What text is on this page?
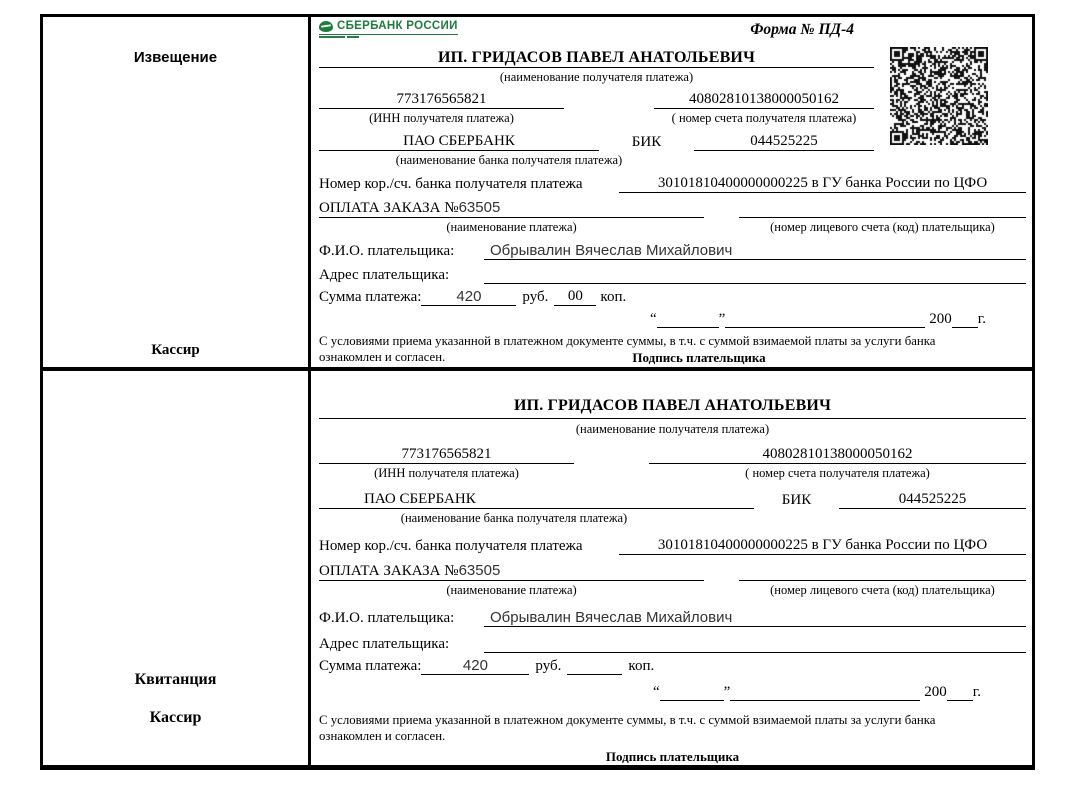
Извещение
Кассир
СБЕРБАНК РОССИИ	Форма № ПД-4
ИП. ГРИДАСОВ ПАВЕЛ АНАТОЛЬЕВИЧ
(наименование получателя платежа)
773176565821	40802810138000050162
(ИНН получателя платежа)	( номер счета получателя платежа)
ПАО СБЕРБАНК	БИК	044525225
(наименование банка получателя платежа)
Номер кор./сч. банка получателя платежа	30101810400000000225 в ГУ банка России по ЦФО
ОПЛАТА ЗАКАЗА №63505
(наименование платежа)	(номер лицевого счета (код) плательщика)
Ф.И.О. плательщика:	Обрывалин Вячеслав Михайлович
Адрес плательщика:
Сумма платежа:	420	руб.	00	коп.
“	”	200 г.
С условиями приема указанной в платежном документе суммы, в т.ч. с суммой взимаемой платы за услуги банка
ознакомлен и согласен.	Подпись плательщика
Квитанция
Кассир
ИП. ГРИДАСОВ ПАВЕЛ АНАТОЛЬЕВИЧ
(наименование получателя платежа)
773176565821	40802810138000050162
(ИНН получателя платежа)	( номер счета получателя платежа)
ПАО СБЕРБАНК	БИК	044525225
(наименование банка получателя платежа)
Номер кор./сч. банка получателя платежа	30101810400000000225 в ГУ банка России по ЦФО
ОПЛАТА ЗАКАЗА №63505
(наименование платежа)	(номер лицевого счета (код) плательщика)
Ф.И.О. плательщика:	Обрывалин Вячеслав Михайлович
Адрес плательщика:
Сумма платежа:	420	руб.	коп.
“	”	200 г.
С условиями приема указанной в платежном документе суммы, в т.ч. с суммой взимаемой платы за услуги банка
ознакомлен и согласен.
Подпись плательщика
